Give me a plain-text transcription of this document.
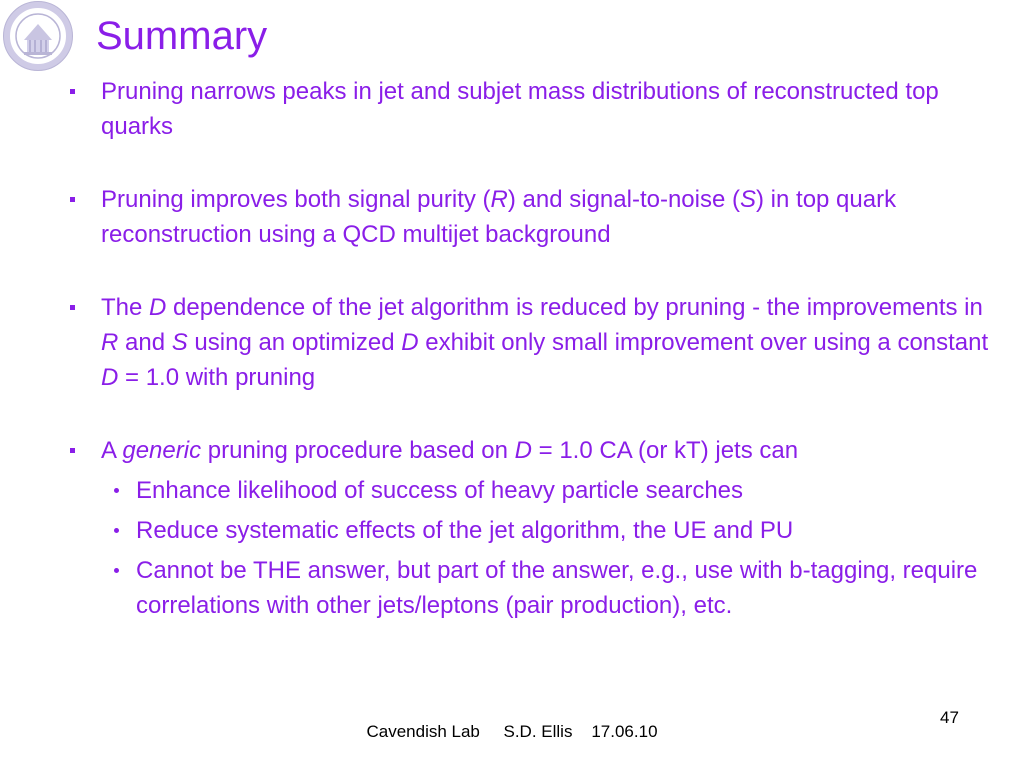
Summary
Pruning narrows peaks in jet and subjet mass distributions of reconstructed top quarks
Pruning improves both signal purity (R) and signal-to-noise (S) in top quark reconstruction using a QCD multijet background
The D dependence of the jet algorithm is reduced by pruning - the improvements in R and S using an optimized D exhibit only small improvement over using a constant D = 1.0 with pruning
A generic pruning procedure based on D = 1.0 CA (or kT) jets can
Enhance likelihood of success of heavy particle searches
Reduce systematic effects of the jet algorithm, the UE and PU
Cannot be THE answer, but part of the answer, e.g., use with b-tagging, require correlations with other jets/leptons (pair production), etc.
47
Cavendish Lab     S.D. Ellis    17.06.10
